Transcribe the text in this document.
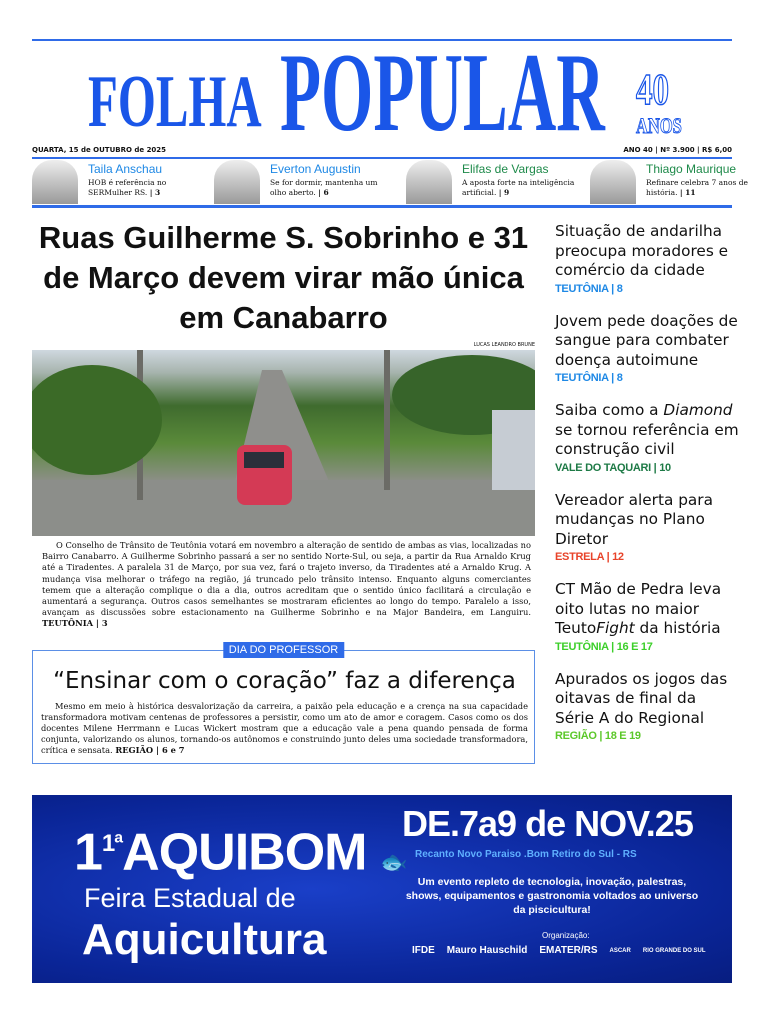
FOLHA POPULAR 40
ANOS
QUARTA, 15 de OUTUBRO de 2025	ANO 40 | Nº 3.900 | R$ 6,00
Taila Anschau
HOB é referência no SERMulher RS. | 3
Everton Augustin
Se for dormir, mantenha um olho aberto. | 6
Elifas de Vargas
A aposta forte na inteligência artificial. | 9
Thiago Maurique
Refinare celebra 7 anos de história. | 11
Ruas Guilherme S. Sobrinho e 31 de Março devem virar mão única em Canabarro
LUCAS LEANDRO BRUNE
O Conselho de Trânsito de Teutônia votará em novembro a alteração de sentido de ambas as vias, localizadas no Bairro Canabarro. A Guilherme Sobrinho passará a ser no sentido Norte-Sul, ou seja, a partir da Rua Arnaldo Krug até a Tiradentes. A paralela 31 de Março, por sua vez, fará o trajeto inverso, da Tiradentes até a Arnaldo Krug. A mudança visa melhorar o tráfego na região, já truncado pelo trânsito intenso. Enquanto alguns comerciantes temem que a alteração complique o dia a dia, outros acreditam que o sentido único facilitará a circulação e aumentará a segurança. Outros casos semelhantes se mostraram eficientes ao longo do tempo. Paralelo a isso, avançam as discussões sobre estacionamento na Guilherme Sobrinho e na Major Bandeira, em Languiru. TEUTÔNIA | 3
DIA DO PROFESSOR
“Ensinar com o coração” faz a diferença
Mesmo em meio à histórica desvalorização da carreira, a paixão pela educação e a crença na sua capacidade transformadora motivam centenas de professores a persistir, como um ato de amor e coragem. Casos como os dos docentes Milene Herrmann e Lucas Wickert mostram que a educação vale a pena quando pensada de forma conjunta, valorizando os alunos, tornando-os autônomos e construindo junto deles uma sociedade transformadora, crítica e sensata. REGIÃO | 6 e 7
Situação de andarilha preocupa moradores e comércio da cidade
TEUTÔNIA | 8
Jovem pede doações de sangue para combater doença autoimune
TEUTÔNIA | 8
Saiba como a Diamond se tornou referência em construção civil
VALE DO TAQUARI | 10
Vereador alerta para mudanças no Plano Diretor
ESTRELA | 12
CT Mão de Pedra leva oito lutas no maior TeutoFight da história
TEUTÔNIA | 16 E 17
Apurados os jogos das oitavas de final da Série A do Regional
REGIÃO | 18 E 19
$1^{1ª}AQUIBOM$ 🐟
Feira Estadual de
Aquicultura
DE.7a9 de NOV.25
Recanto Novo Paraiso .Bom Retiro do Sul - RS
Um evento repleto de tecnologia, inovação, palestras, shows, equipamentos e gastronomia voltados ao universo da piscicultura!
Organização:
IFDE Mauro Hauschild EMATER/RS ASCAR RIO GRANDE DO SUL
